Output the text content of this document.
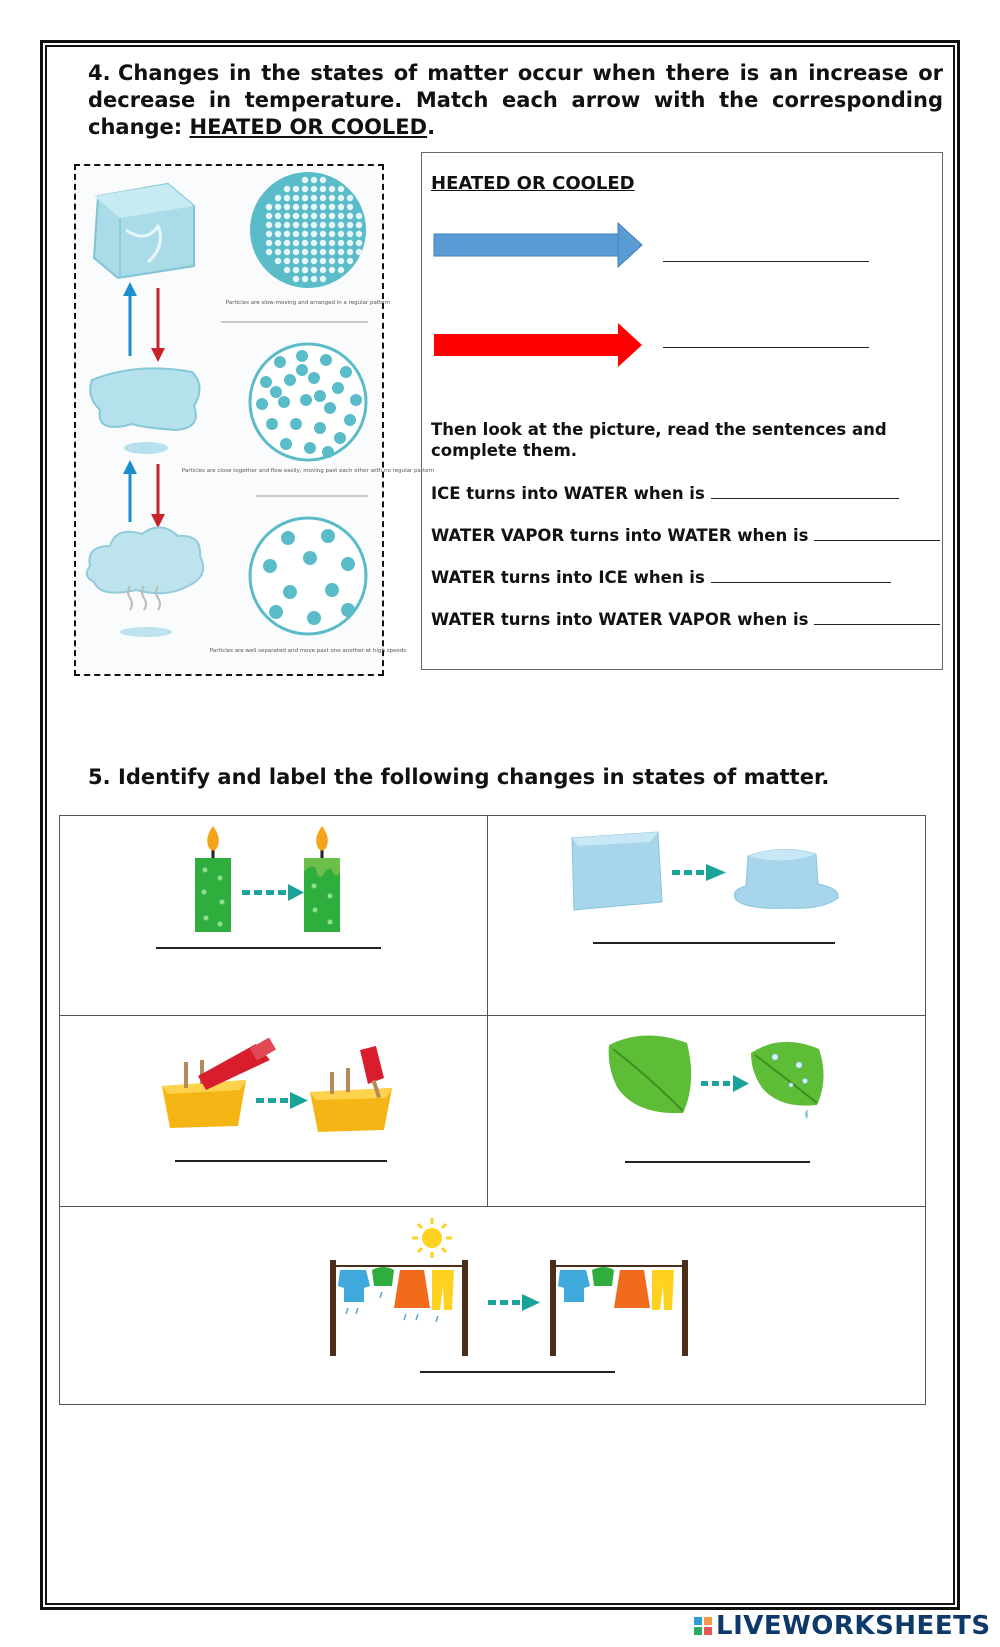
4. Changes in the states of matter occur when there is an increase or decrease in temperature. Match each arrow with the corresponding change: HEATED OR COOLED.
Particles are slow-moving and arranged in a regular pattern
Particles are close together and flow easily, moving past each other with no regular pattern
Particles are well separated and move past one another at high speeds
HEATED OR COOLED
Then look at the picture, read the sentences and complete them.
ICE turns into WATER when is
WATER VAPOR turns into WATER when is
WATER turns into ICE when is
WATER turns into WATER VAPOR when is
5. Identify and label the following changes in states of matter.
LIVEWORKSHEETS
